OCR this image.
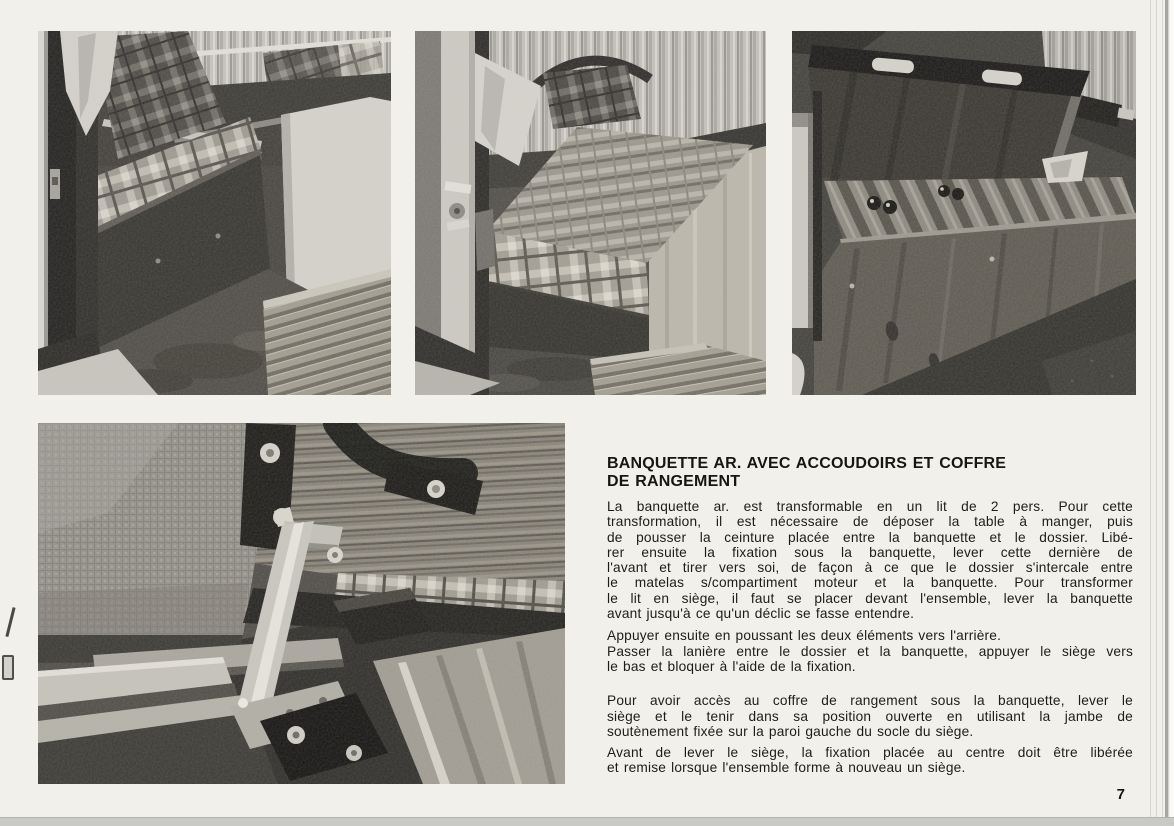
BANQUETTE AR. AVEC ACCOUDOIRS ET COFFRE
DE RANGEMENT
La banquette ar. est transformable en un lit de 2 pers. Pour cette
transformation, il est nécessaire de déposer la table à manger, puis
de pousser la ceinture placée entre la banquette et le dossier. Libé-
rer ensuite la fixation sous la banquette, lever cette dernière de
l'avant et tirer vers soi, de façon à ce que le dossier s'intercale entre
le matelas s/compartiment moteur et la banquette. Pour transformer
le lit en siège, il faut se placer devant l'ensemble, lever la banquette
avant jusqu'à ce qu'un déclic se fasse entendre.
Appuyer ensuite en poussant les deux éléments vers l'arrière.
Passer la lanière entre le dossier et la banquette, appuyer le siège vers
le bas et bloquer à l'aide de la fixation.
Pour avoir accès au coffre de rangement sous la banquette, lever le
siège et le tenir dans sa position ouverte en utilisant la jambe de
soutènement fixée sur la paroi gauche du socle du siège.
Avant de lever le siège, la fixation placée au centre doit être libérée
et remise lorsque l'ensemble forme à nouveau un siège.
7
